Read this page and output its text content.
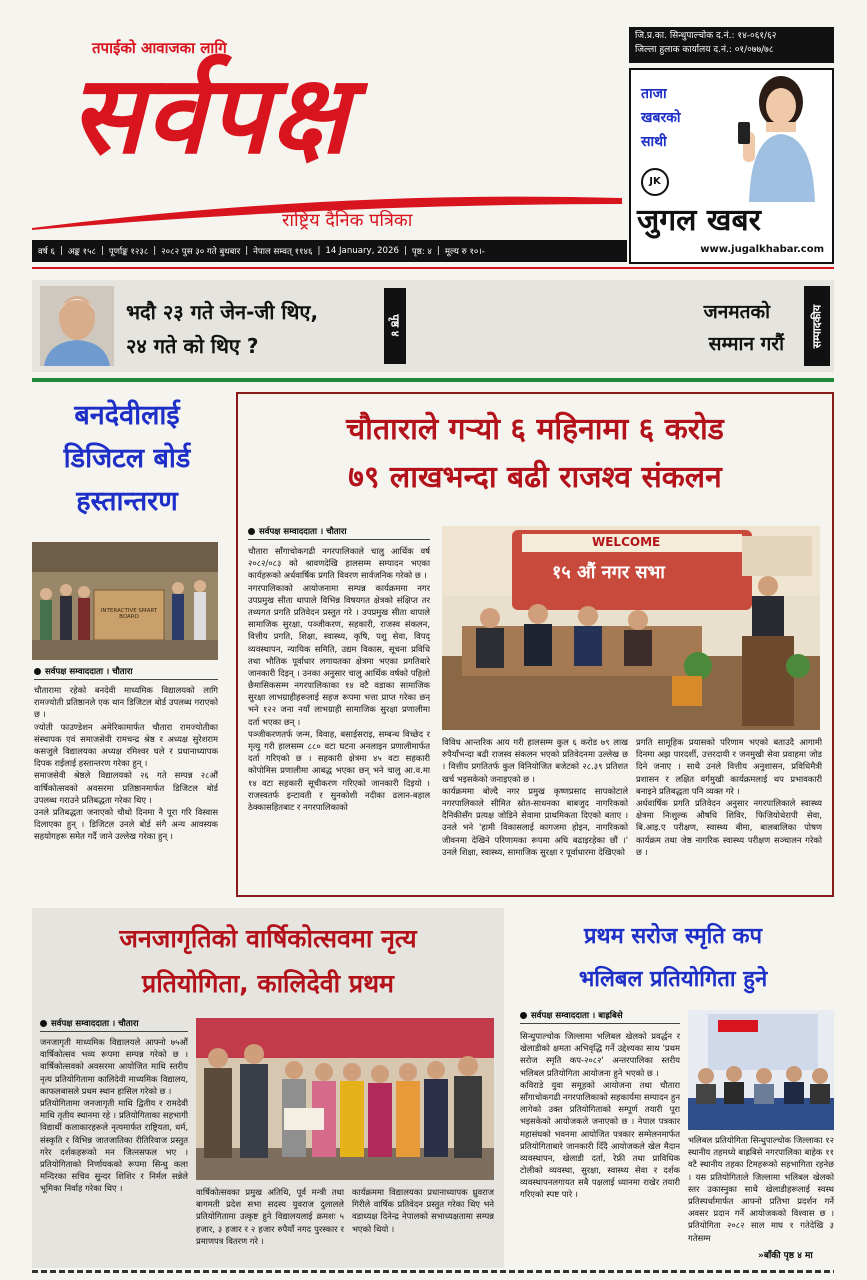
तपाईको आवाजका लागि
सर्वपक्ष
राष्ट्रिय दैनिक पत्रिका
जि.प्र.का. सिन्धुपाल्चोक द.नं.: १४-०६१/६२
जिल्ला हुलाक कार्यालय द.नं.: ०१/०७७/७८
ताजा
खबरको
साथी
JK
जुगल खबर
www.jugalkhabar.com
वर्ष ६ | अङ्क १५८ | पूर्णाङ्क १२३८ | २०८२ पुस ३० गते बुधबार | नेपाल सम्वत् ११४६ | 14 January, 2026 | पृष्ठ: ४ | मूल्य रु १०।-
भदौ २३ गते जेन-जी थिए,
२४ गते को थिए ?
पृष्ठ ४
जनमतको
सम्मान गरौं सम्पादकीय
बनदेवीलाई
डिजिटल बोर्ड
हस्तान्तरण
INTERACTIVE SMART BOARD
सर्वपक्ष सम्वाददाता । चौतारा

चौतारामा रहेको बनदेवी माध्यमिक विद्यालयको लागि रामज्योती प्रतिष्ठानले एक थान डिजिटल बोर्ड उपलब्ध गराएको छ ।
ज्योती फाउण्डेशन अमेरिकामार्फत चौतारा रामज्योतीका संस्थापक एवं समाजसेवी रामचन्द्र श्रेष्ठ र अध्यक्ष सुरेशराम कसजुले विद्यालयका अध्यक्ष रमिश्वर घले र प्रधानाध्यापक दिपक राईलाई हस्तान्तरण गरेका हुन् ।
समाजसेवी श्रेष्ठले विद्यालयको २६ गते सम्पन्न २८औं वार्षिकोत्सवको अवसरमा प्रतिष्ठानमार्फत डिजिटल बोर्ड उपलब्ध गराउने प्रतिबद्धता गरेका थिए ।
उनले प्रतिबद्धता जनाएको चौथो दिनमा नै पूरा गरि विस्वास दिलाएका हुन् । डिजिटल उनले बोर्ड संगै अन्य आवस्यक सहयोगहरू समेत गर्दै जाने उल्लेख गरेका हुन् ।

चौताराले गर्‍यो ६ महिनामा ६ करोड
७९ लाखभन्दा बढी राजश्व संकलन
सर्वपक्ष सम्वाददाता । चौतारा

चौतारा साँगाचोकगढी नगरपालिकाले चालु आर्थिक वर्ष २०८२/०८३ को श्रावणदेखि हालसम्म सम्पादन भएका कार्यहरूको अर्धवार्षिक प्रगति विवरण सार्वजनिक गरेको छ ।
नगरपालिकाको आयोजनामा सम्पन्न कार्यक्रममा नगर उपप्रमुख सीता थापाले विभिन्न विषयगत क्षेत्रको संक्षिप्त तर तथ्यगत प्रगति प्रतिवेदन प्रस्तुत गरे । उपप्रमुख सीता थापाले सामाजिक सुरक्षा, पञ्जीकरण, सहकारी, राजस्व संकलन, वित्तीय प्रगति, शिक्षा, स्वास्थ्य, कृषि, पशु सेवा, विपद् व्यवस्थापन, न्यायिक समिति, उद्यम विकास, सूचना प्रविधि तथा भौतिक पूर्वाधार लगायतका क्षेत्रमा भएका प्रगतिबारे जानकारी दिइन् । उनका अनुसार चालु आर्थिक वर्षको पहिलो छैमासिकसम्म नगरपालिकाका १४ वटै वडाका सामाजिक सुरक्षा लाभग्राहीहरूलाई सहज रूपमा भत्ता प्राप्त गरेका छन् भने १२२ जना नयाँ लाभग्राही सामाजिक सुरक्षा प्रणालीमा दर्ता भएका छन् ।
पञ्जीकरणतर्फ जन्म, विवाह, बसाईसराइ, सम्बन्ध विच्छेद र मृत्यु गरी हालसम्म ८८० वटा घटना अनलाइन प्रणालीमार्फत दर्ता गरिएको छ । सहकारी क्षेत्रमा ४५ वटा सहकारी कोपोमिस प्रणालीमा आबद्ध भएका छन् भने चालु आ.व.मा १४ वटा सहकारी सूचीकरण गरिएको जानकारी दिइयो । राजस्वतर्फ इन्टावती र सुनकोशी नदीका ढलान-बहाल ठेक्कासहितबाट र नगरपालिकाको

WELCOME
१५ औं नगर सभा

विविध आन्तरिक आय गरी हालसम्म कुल ६ करोड ७९ लाख रुपैयाँभन्दा बढी राजस्व संकलन भएको प्रतिवेदनमा उल्लेख छ । वित्तीय प्रगतितर्फ कुल विनियोजित बजेटको २८.३९ प्रतिशत खर्च भइसकेको जनाइएको छ ।
कार्यक्रममा बोल्दै नगर प्रमुख कृष्णप्रसाद सापकोटाले नगरपालिकाले सीमित स्रोत-साधनका बाबजुद नागरिकको दैनिकीसँग प्रत्यक्ष जोडिने सेवामा प्राथमिकता दिएको बताए । उनले भने 'हामी विकासलाई कागजमा होइन, नागरिकको जीवनमा देखिने परिणामका रूपमा अघि बढाइरहेका छौं ।' उनले शिक्षा, स्वास्थ्य, सामाजिक सुरक्षा र पूर्वाधारमा देखिएको

प्रगति सामूहिक प्रयासको परिणाम भएको बताउदै आगामी दिनमा अझ पारदर्शी, उत्तरदायी र जनमुखी सेवा प्रवाहमा जोड दिने जनाए । साथै उनले वित्तीय अनुशासन, प्रविधिमैत्री प्रशासन र लक्षित वर्गमुखी कार्यक्रमलाई थप प्रभावकारी बनाइने प्रतिबद्धता पनि व्यक्त गरे ।
अर्धवार्षिक प्रगति प्रतिवेदन अनुसार नगरपालिकाले स्वास्थ्य क्षेत्रमा निःशुल्क औषधि शिविर, फिजियोथेरापी सेवा, बि.आइ.ए परीक्षण, स्वास्थ्य बीमा, बालबालिका पोषण कार्यक्रम तथा जेष्ठ नागरिक स्वास्थ्य परीक्षण सञ्चालन गरेको छ ।

जनजागृतिको वार्षिकोत्सवमा नृत्य
प्रतियोगिता, कालिदेवी प्रथम
सर्वपक्ष सम्वाददाता । चौतारा

जनजागृती माध्यमिक विद्यालयले आफ्नो ७५औं वार्षिकोत्सव भव्य रूपमा सम्पन्न गरेको छ । वार्षिकोत्सवको अवसरमा आयोजित माथि स्तरीय नृत्य प्रतियोगितामा कालिदेवी माध्यमिक विद्यालय, काफलबासले प्रथम स्थान हासिल गरेको छ ।
प्रतियोगितामा जनजागृती माथि द्वितीय र रामदेवी माथि तृतीय स्थानमा रहे । प्रतियोगिताका सहभागी विद्यार्थी कलाकारहरूले नृत्यमार्फत राष्ट्रियता, धर्म, संस्कृति र विभिन्न जातजातिका रीतिरिवाज प्रस्तुत गरेर दर्शकहरूको मन जित्नसफल भए । प्रतियोगिताको निर्णायकको रूपमा सिन्धु कला मन्दिरका सचिव सुन्दर शिशिर र निर्मल सन्नेले भूमिका निर्वाह गरेका थिए ।	वार्षिकोत्सवका प्रमुख अतिथि, पूर्व मन्त्री तथा बागमती प्रदेश सभा सदस्य युवराज दुलालले प्रतियोगितामा उत्कृष्ट हुने विद्यालयलाई क्रमशः ५ हजार, ३ हजार र २ हजार रुपैयाँ नगद पुरस्कार र प्रमाणपत्र वितरण गरे ।

कार्यक्रममा विद्यालयका प्रधानाध्यापक ध्रुवराज गिरीले वार्षिक प्रतिवेदन प्रस्तुत गरेका थिए भने वडाध्यक्ष दिनेन्द्र नेपालको सभाध्यक्षतामा सम्पन्न भएको थियो ।

प्रथम सरोज स्मृति कप
भलिबल प्रतियोगिता हुने
सर्वपक्ष सम्वाददाता । बाह्रबिसे

सिन्धुपाल्चोक जिल्लामा भलिबल खेलको प्रवर्द्धन र खेलाडीको क्षमता अभिवृद्धि गर्ने उद्देश्यका साथ 'प्रथम सरोज स्मृति कप-२०८२' अन्तरपालिका स्तरीय भलिबल प्रतियोगिता आयोजना हुने भएको छ ।
कविराडे युवा समूहको आयोजना तथा चौतारा साँगाचोकगढी नगरपालिकाको सहकार्यमा सम्पादन हुन लागेको उक्त प्रतियोगिताको सम्पूर्ण तयारी पूरा भइसकेको आयोजकले जनाएको छ । नेपाल पत्रकार महासंघको भवनमा आयोजित पत्रकार सम्मेलनमार्फत प्रतियोगिताबारे जानकारी दिँदै आयोजकले खेल मैदान व्यवस्थापन, खेलाडी दर्ता, रेफ्री तथा प्राविधिक टोलीको व्यवस्था, सुरक्षा, स्वास्थ्य सेवा र दर्शक व्यवस्थापनलगायत सबै पक्षलाई ध्यानमा राखेर तयारी गरिएको स्पष्ट पारे ।

भलिबल प्रतियोगिता सिन्धुपाल्चोक जिल्लाका १२ स्थानीय तहमध्ये बाह्रबिसे नगरपालिका बाहेक ११ वटै स्थानीय तहका टिमहरूको सहभागिता रहनेछ । यस प्रतियोगिताले जिल्लामा भलिबल खेलको स्तर उकास्नुका साथै खेलाडीहरूलाई स्वस्थ प्रतिस्पर्धामार्फत आफ्नो प्रतिभा प्रदर्शन गर्ने अवसर प्रदान गर्ने आयोजकको विश्वास छ । प्रतियोगिता २०८२ साल माघ १ गतेदेखि ३ गतेसम्म

»बाँकी पृष्ठ ४ मा
